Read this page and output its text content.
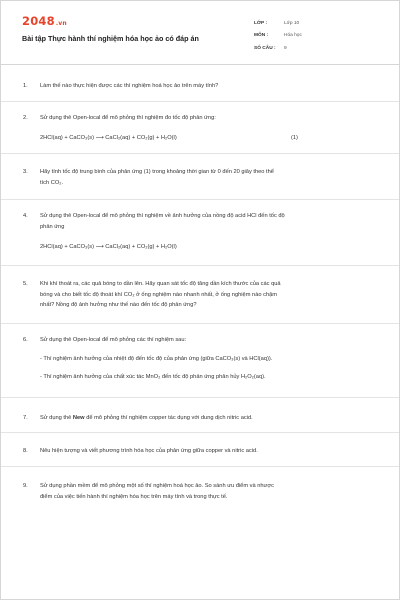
2048.vn
Bài tập Thực hành thí nghiệm hóa học ảo có đáp án
LỚP :	Lớp 10
MÔN :	Hóa học
SỐ CÂU :	9
1. Làm thế nào thực hiện được các thí nghiệm hoá học ảo trên máy tính?
2. Sử dụng thẻ Open-local để mô phỏng thí nghiệm đo tốc độ phản ứng:
2HCl(aq) + CaCO₃(s) ⟶ CaCl₂(aq) + CO₂(g) + H₂O(l)	(1)
3. Hãy tính tốc độ trung bình của phản ứng (1) trong khoảng thời gian từ 0 đến 20 giây theo thể
tích CO₂.
4. Sử dụng thẻ Open-local để mô phỏng thí nghiệm về ảnh hưởng của nồng độ acid HCl đến tốc độ
phản ứng
2HCl(aq) + CaCO₃(s) ⟶ CaCl₂(aq) + CO₂(g) + H₂O(l)
5. Khi khí thoát ra, các quả bóng to dần lên. Hãy quan sát tốc độ tăng dần kích thước của các quả
bóng và cho biết tốc độ thoát khí CO₂ ở ống nghiệm nào nhanh nhất, ở ống nghiệm nào chậm
nhất? Nồng độ ảnh hưởng như thế nào đến tốc độ phản ứng?
6. Sử dụng thẻ Open-local để mô phỏng các thí nghiệm sau:
- Thí nghiệm ảnh hưởng của nhiệt độ đến tốc độ của phản ứng (giữa CaCO₃(s) và HCl(aq)).
- Thí nghiệm ảnh hưởng của chất xúc tác MnO₂ đến tốc độ phản ứng phân hủy H₂O₂(aq).
7. Sử dụng thẻ New để mô phỏng thí nghiệm copper tác dụng với dung dịch nitric acid.
8. Nêu hiện tượng và viết phương trình hóa học của phản ứng giữa copper và nitric acid.
9. Sử dụng phần mềm để mô phỏng một số thí nghiệm hoá học ảo. So sánh ưu điểm và nhược
điểm của việc tiến hành thí nghiệm hóa học trên máy tính và trong thực tế.
